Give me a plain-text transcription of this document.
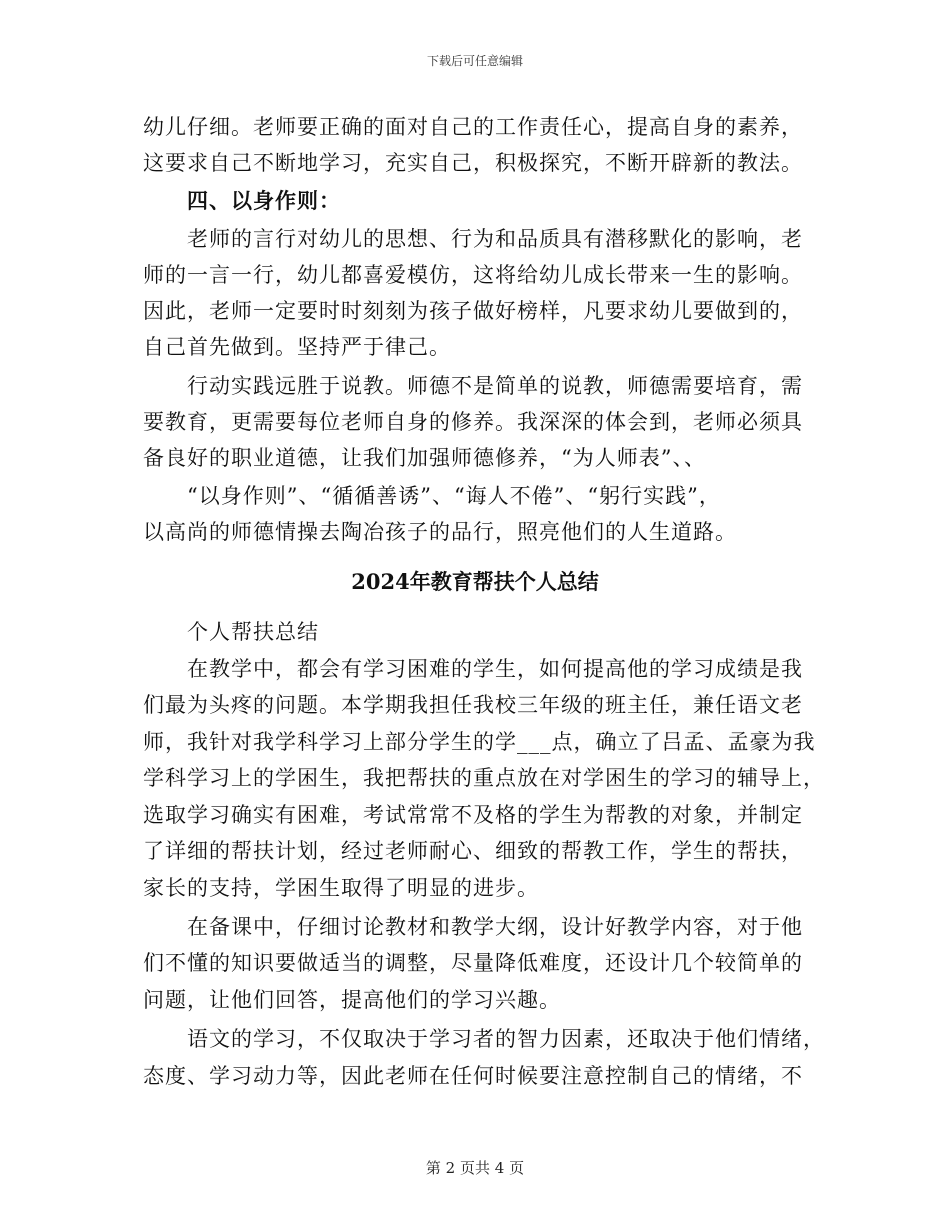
下载后可任意编辑
幼儿仔细。老师要正确的面对自己的工作责任心，提高自身的素养，
这要求自己不断地学习，充实自己，积极探究，不断开辟新的教法。
四、以身作则：
老师的言行对幼儿的思想、行为和品质具有潜移默化的影响，老
师的一言一行，幼儿都喜爱模仿，这将给幼儿成长带来一生的影响。
因此，老师一定要时时刻刻为孩子做好榜样，凡要求幼儿要做到的，
自己首先做到。坚持严于律己。
行动实践远胜于说教。师德不是简单的说教，师德需要培育，需
要教育，更需要每位老师自身的修养。我深深的体会到，老师必须具
备良好的职业道德，让我们加强师德修养，“为人师表”、、
“以身作则”、“循循善诱”、“诲人不倦”、“躬行实践”，
以高尚的师德情操去陶冶孩子的品行，照亮他们的人生道路。
2024年教育帮扶个人总结
个人帮扶总结
在教学中，都会有学习困难的学生，如何提高他的学习成绩是我
们最为头疼的问题。本学期我担任我校三年级的班主任，兼任语文老
师，我针对我学科学习上部分学生的学___点，确立了吕孟、孟豪为我
学科学习上的学困生，我把帮扶的重点放在对学困生的学习的辅导上，
选取学习确实有困难，考试常常不及格的学生为帮教的对象，并制定
了详细的帮扶计划，经过老师耐心、细致的帮教工作，学生的帮扶，
家长的支持，学困生取得了明显的进步。
在备课中，仔细讨论教材和教学大纲，设计好教学内容，对于他
们不懂的知识要做适当的调整，尽量降低难度，还设计几个较简单的
问题，让他们回答，提高他们的学习兴趣。
语文的学习，不仅取决于学习者的智力因素，还取决于他们情绪，
态度、学习动力等，因此老师在任何时候要注意控制自己的情绪，不
第 2 页共 4 页
